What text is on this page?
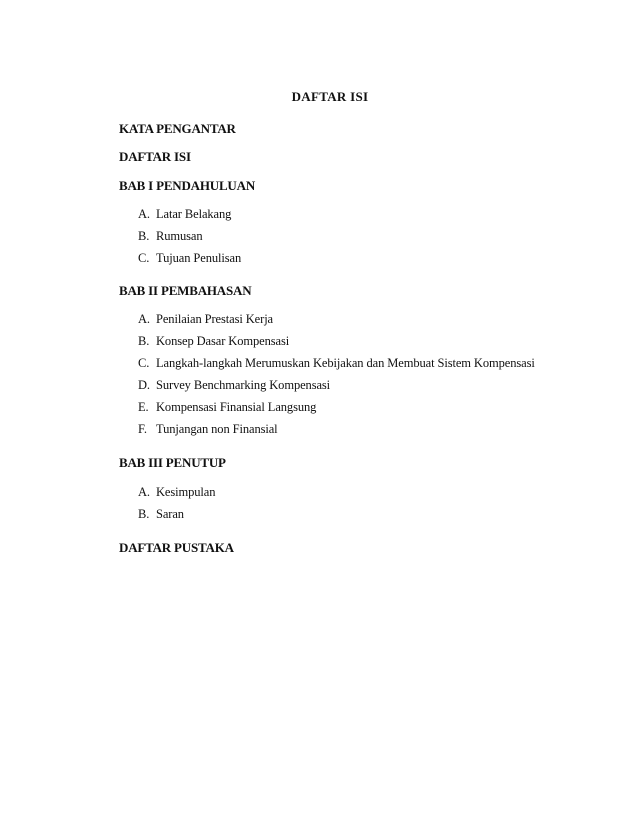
DAFTAR ISI
KATA PENGANTAR
DAFTAR ISI
BAB I PENDAHULUAN
A. Latar Belakang
B. Rumusan
C. Tujuan Penulisan
BAB II PEMBAHASAN
A. Penilaian Prestasi Kerja
B. Konsep Dasar Kompensasi
C. Langkah-langkah Merumuskan Kebijakan dan Membuat Sistem Kompensasi
D. Survey Benchmarking Kompensasi
E. Kompensasi Finansial Langsung
F. Tunjangan non Finansial
BAB III PENUTUP
A. Kesimpulan
B. Saran
DAFTAR PUSTAKA
